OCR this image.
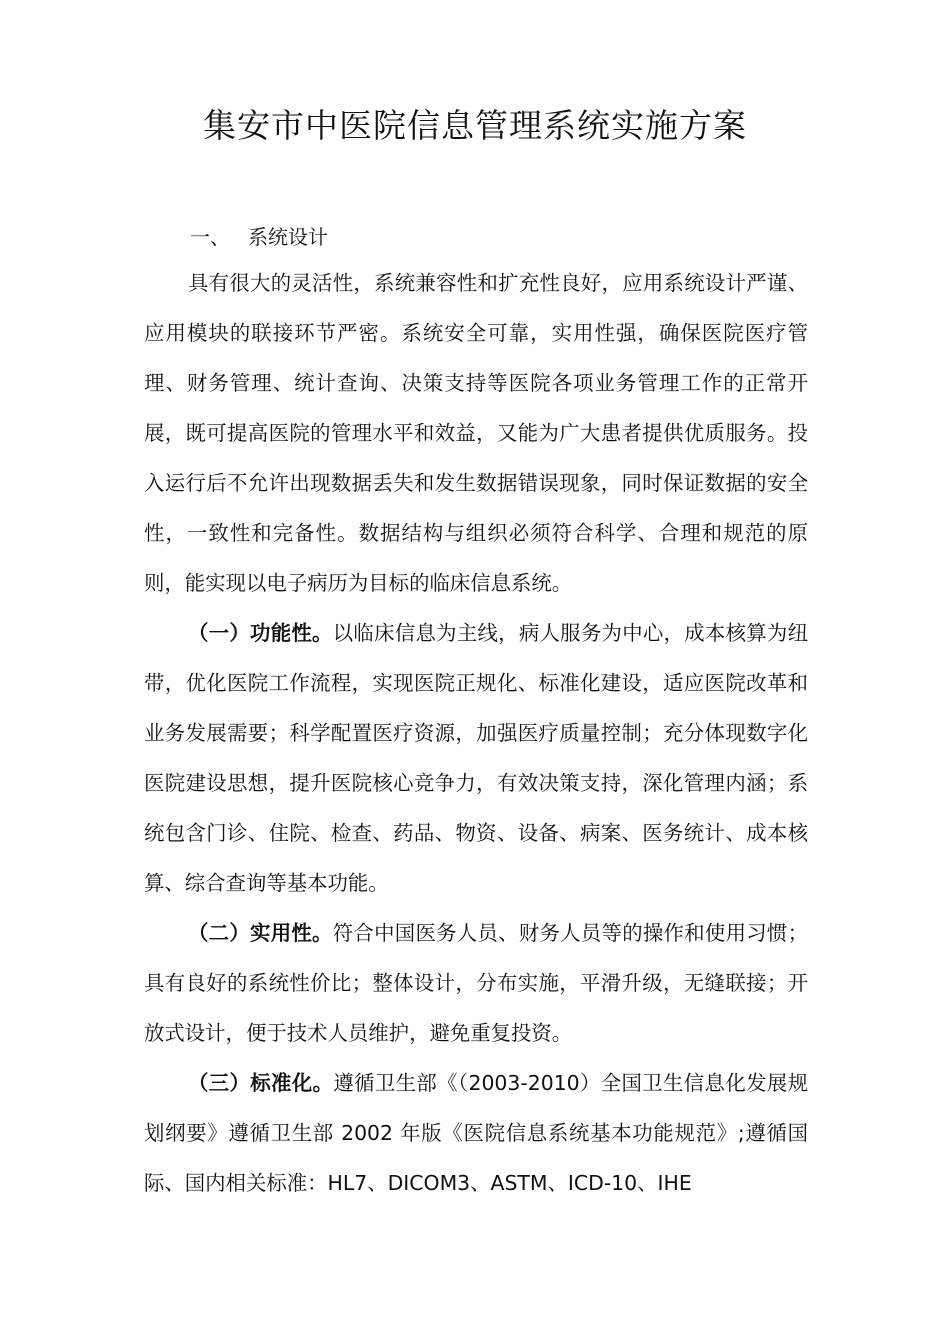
集安市中医院信息管理系统实施方案
一、 系统设计

具有很大的灵活性，系统兼容性和扩充性良好，应用系统设计严谨、应用模块的联接环节严密。系统安全可靠，实用性强，确保医院医疗管理、财务管理、统计查询、决策支持等医院各项业务管理工作的正常开展，既可提高医院的管理水平和效益，又能为广大患者提供优质服务。投入运行后不允许出现数据丢失和发生数据错误现象，同时保证数据的安全性，一致性和完备性。数据结构与组织必须符合科学、合理和规范的原则，能实现以电子病历为目标的临床信息系统。

（一）功能性。以临床信息为主线，病人服务为中心，成本核算为纽带，优化医院工作流程，实现医院正规化、标准化建设，适应医院改革和业务发展需要；科学配置医疗资源，加强医疗质量控制；充分体现数字化医院建设思想，提升医院核心竞争力，有效决策支持，深化管理内涵；系统包含门诊、住院、检查、药品、物资、设备、病案、医务统计、成本核算、综合查询等基本功能。

（二）实用性。符合中国医务人员、财务人员等的操作和使用习惯；具有良好的系统性价比；整体设计，分布实施，平滑升级，无缝联接；开放式设计，便于技术人员维护，避免重复投资。

（三）标准化。遵循卫生部《（2003-2010）全国卫生信息化发展规划纲要》遵循卫生部 2002 年版《医院信息系统基本功能规范》;遵循国际、国内相关标准：HL7、DICOM3、ASTM、ICD-10、IHE
